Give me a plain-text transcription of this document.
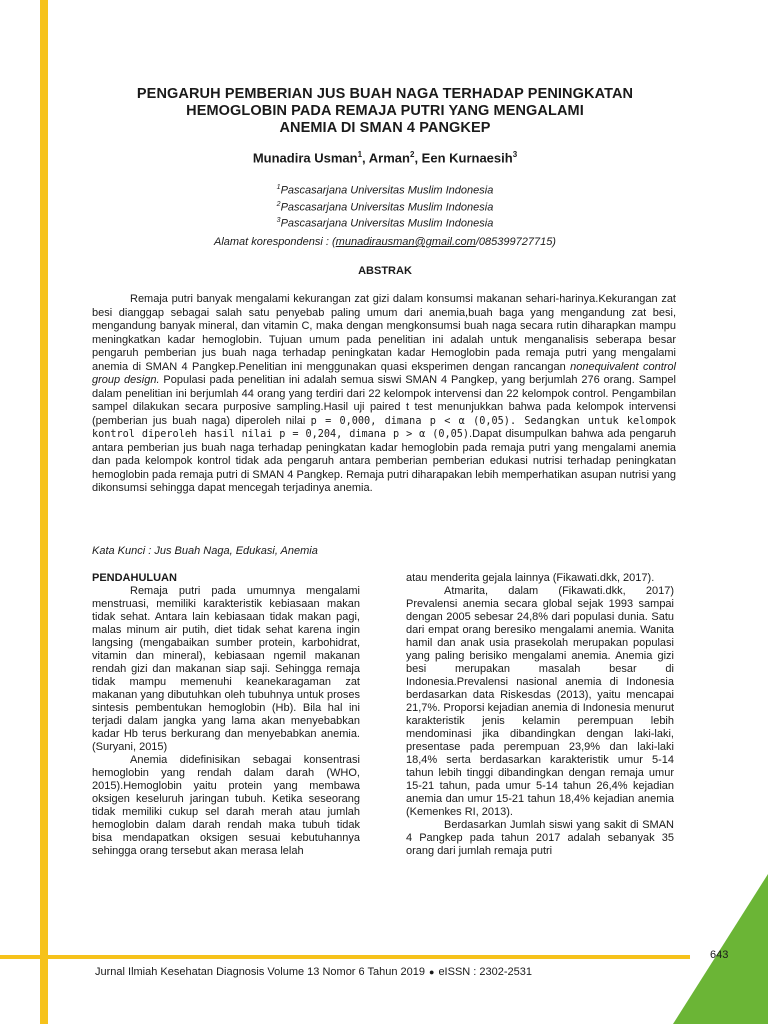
PENGARUH PEMBERIAN JUS BUAH NAGA TERHADAP PENINGKATAN
HEMOGLOBIN PADA REMAJA PUTRI YANG MENGALAMI
ANEMIA DI SMAN 4 PANGKEP
Munadira Usman$^1$, Arman$^2$, Een Kurnaesih$^3$
$^1$Pascasarjana Universitas Muslim Indonesia
$^2$Pascasarjana Universitas Muslim Indonesia
$^3$Pascasarjana Universitas Muslim Indonesia
Alamat korespondensi : (munadirausman@gmail.com/085399727715)
ABSTRAK

Remaja putri banyak mengalami kekurangan zat gizi dalam konsumsi makanan sehari-harinya.Kekurangan zat besi dianggap sebagai salah satu penyebab paling umum dari anemia,buah baga yang mengandung zat besi, mengandung banyak mineral, dan vitamin C, maka dengan mengkonsumsi buah naga secara rutin diharapkan mampu meningkatkan kadar hemoglobin. Tujuan umum pada penelitian ini adalah untuk menganalisis seberapa besar pengaruh pemberian jus buah naga terhadap peningkatan kadar Hemoglobin pada remaja putri yang mengalami anemia di SMAN 4 Pangkep.Penelitian ini menggunakan quasi eksperimen dengan rancangan nonequivalent control group design. Populasi pada penelitian ini adalah semua siswi SMAN 4 Pangkep, yang berjumlah 276 orang. Sampel dalam penelitian ini berjumlah 44 orang yang terdiri dari 22 kelompok intervensi dan 22 kelompok control. Pengambilan sampel dilakukan secara purposive sampling.Hasil uji paired t test menunjukkan bahwa pada kelompok intervensi (pemberian jus buah naga) diperoleh nilai p = 0,000, dimana p < α (0,05). Sedangkan untuk kelompok kontrol diperoleh hasil nilai p = 0,204, dimana p > α (0,05).Dapat disumpulkan bahwa ada pengaruh antara pemberian jus buah naga terhadap peningkatan kadar hemoglobin pada remaja putri yang mengalami anemia dan pada kelompok kontrol tidak ada pengaruh antara pemberian pemberian edukasi nutrisi terhadap peningkatan hemoglobin pada remaja putri di SMAN 4 Pangkep. Remaja putri diharapakan lebih memperhatikan asupan nutrisi yang dikonsumsi sehingga dapat mencegah terjadinya anemia.

Kata Kunci : Jus Buah Naga, Edukasi, Anemia
PENDAHULUAN

Remaja putri pada umumnya mengalami menstruasi, memiliki karakteristik kebiasaan makan tidak sehat. Antara lain kebiasaan tidak makan pagi, malas minum air putih, diet tidak sehat karena ingin langsing (mengabaikan sumber protein, karbohidrat, vitamin dan mineral), kebiasaan ngemil makanan rendah gizi dan makanan siap saji. Sehingga remaja tidak mampu memenuhi keanekaragaman zat makanan yang dibutuhkan oleh tubuhnya untuk proses sintesis pembentukan hemoglobin (Hb). Bila hal ini terjadi dalam jangka yang lama akan menyebabkan kadar Hb terus berkurang dan menyebabkan anemia.(Suryani, 2015)

Anemia didefinisikan sebagai konsentrasi hemoglobin yang rendah dalam darah (WHO, 2015).Hemoglobin yaitu protein yang membawa oksigen keseluruh jaringan tubuh. Ketika seseorang tidak memiliki cukup sel darah merah atau jumlah hemoglobin dalam darah rendah maka tubuh tidak bisa mendapatkan oksigen sesuai kebutuhannya sehingga orang tersebut akan merasa lelah

atau menderita gejala lainnya (Fikawati.dkk, 2017).

Atmarita, dalam (Fikawati.dkk, 2017) Prevalensi anemia secara global sejak 1993 sampai dengan 2005 sebesar 24,8% dari populasi dunia. Satu dari empat orang beresiko mengalami anemia. Wanita hamil dan anak usia prasekolah merupakan populasi yang paling berisiko mengalami anemia. Anemia gizi besi merupakan masalah besar di Indonesia.Prevalensi nasional anemia di Indonesia berdasarkan data Riskesdas (2013), yaitu mencapai 21,7%. Proporsi kejadian anemia di Indonesia menurut karakteristik jenis kelamin perempuan lebih mendominasi jika dibandingkan dengan laki-laki, presentase pada perempuan 23,9% dan laki-laki 18,4% serta berdasarkan karakteristik umur 5-14 tahun lebih tinggi dibandingkan dengan remaja umur 15-21 tahun, pada umur 5-14 tahun 26,4% kejadian anemia dan umur 15-21 tahun 18,4% kejadian anemia (Kemenkes RI, 2013).

Berdasarkan Jumlah siswi yang sakit di SMAN 4 Pangkep pada tahun 2017 adalah sebanyak 35 orang dari jumlah remaja putri

643
Jurnal Ilmiah Kesehatan Diagnosis Volume 13 Nomor 6 Tahun 2019 ● eISSN : 2302-2531
